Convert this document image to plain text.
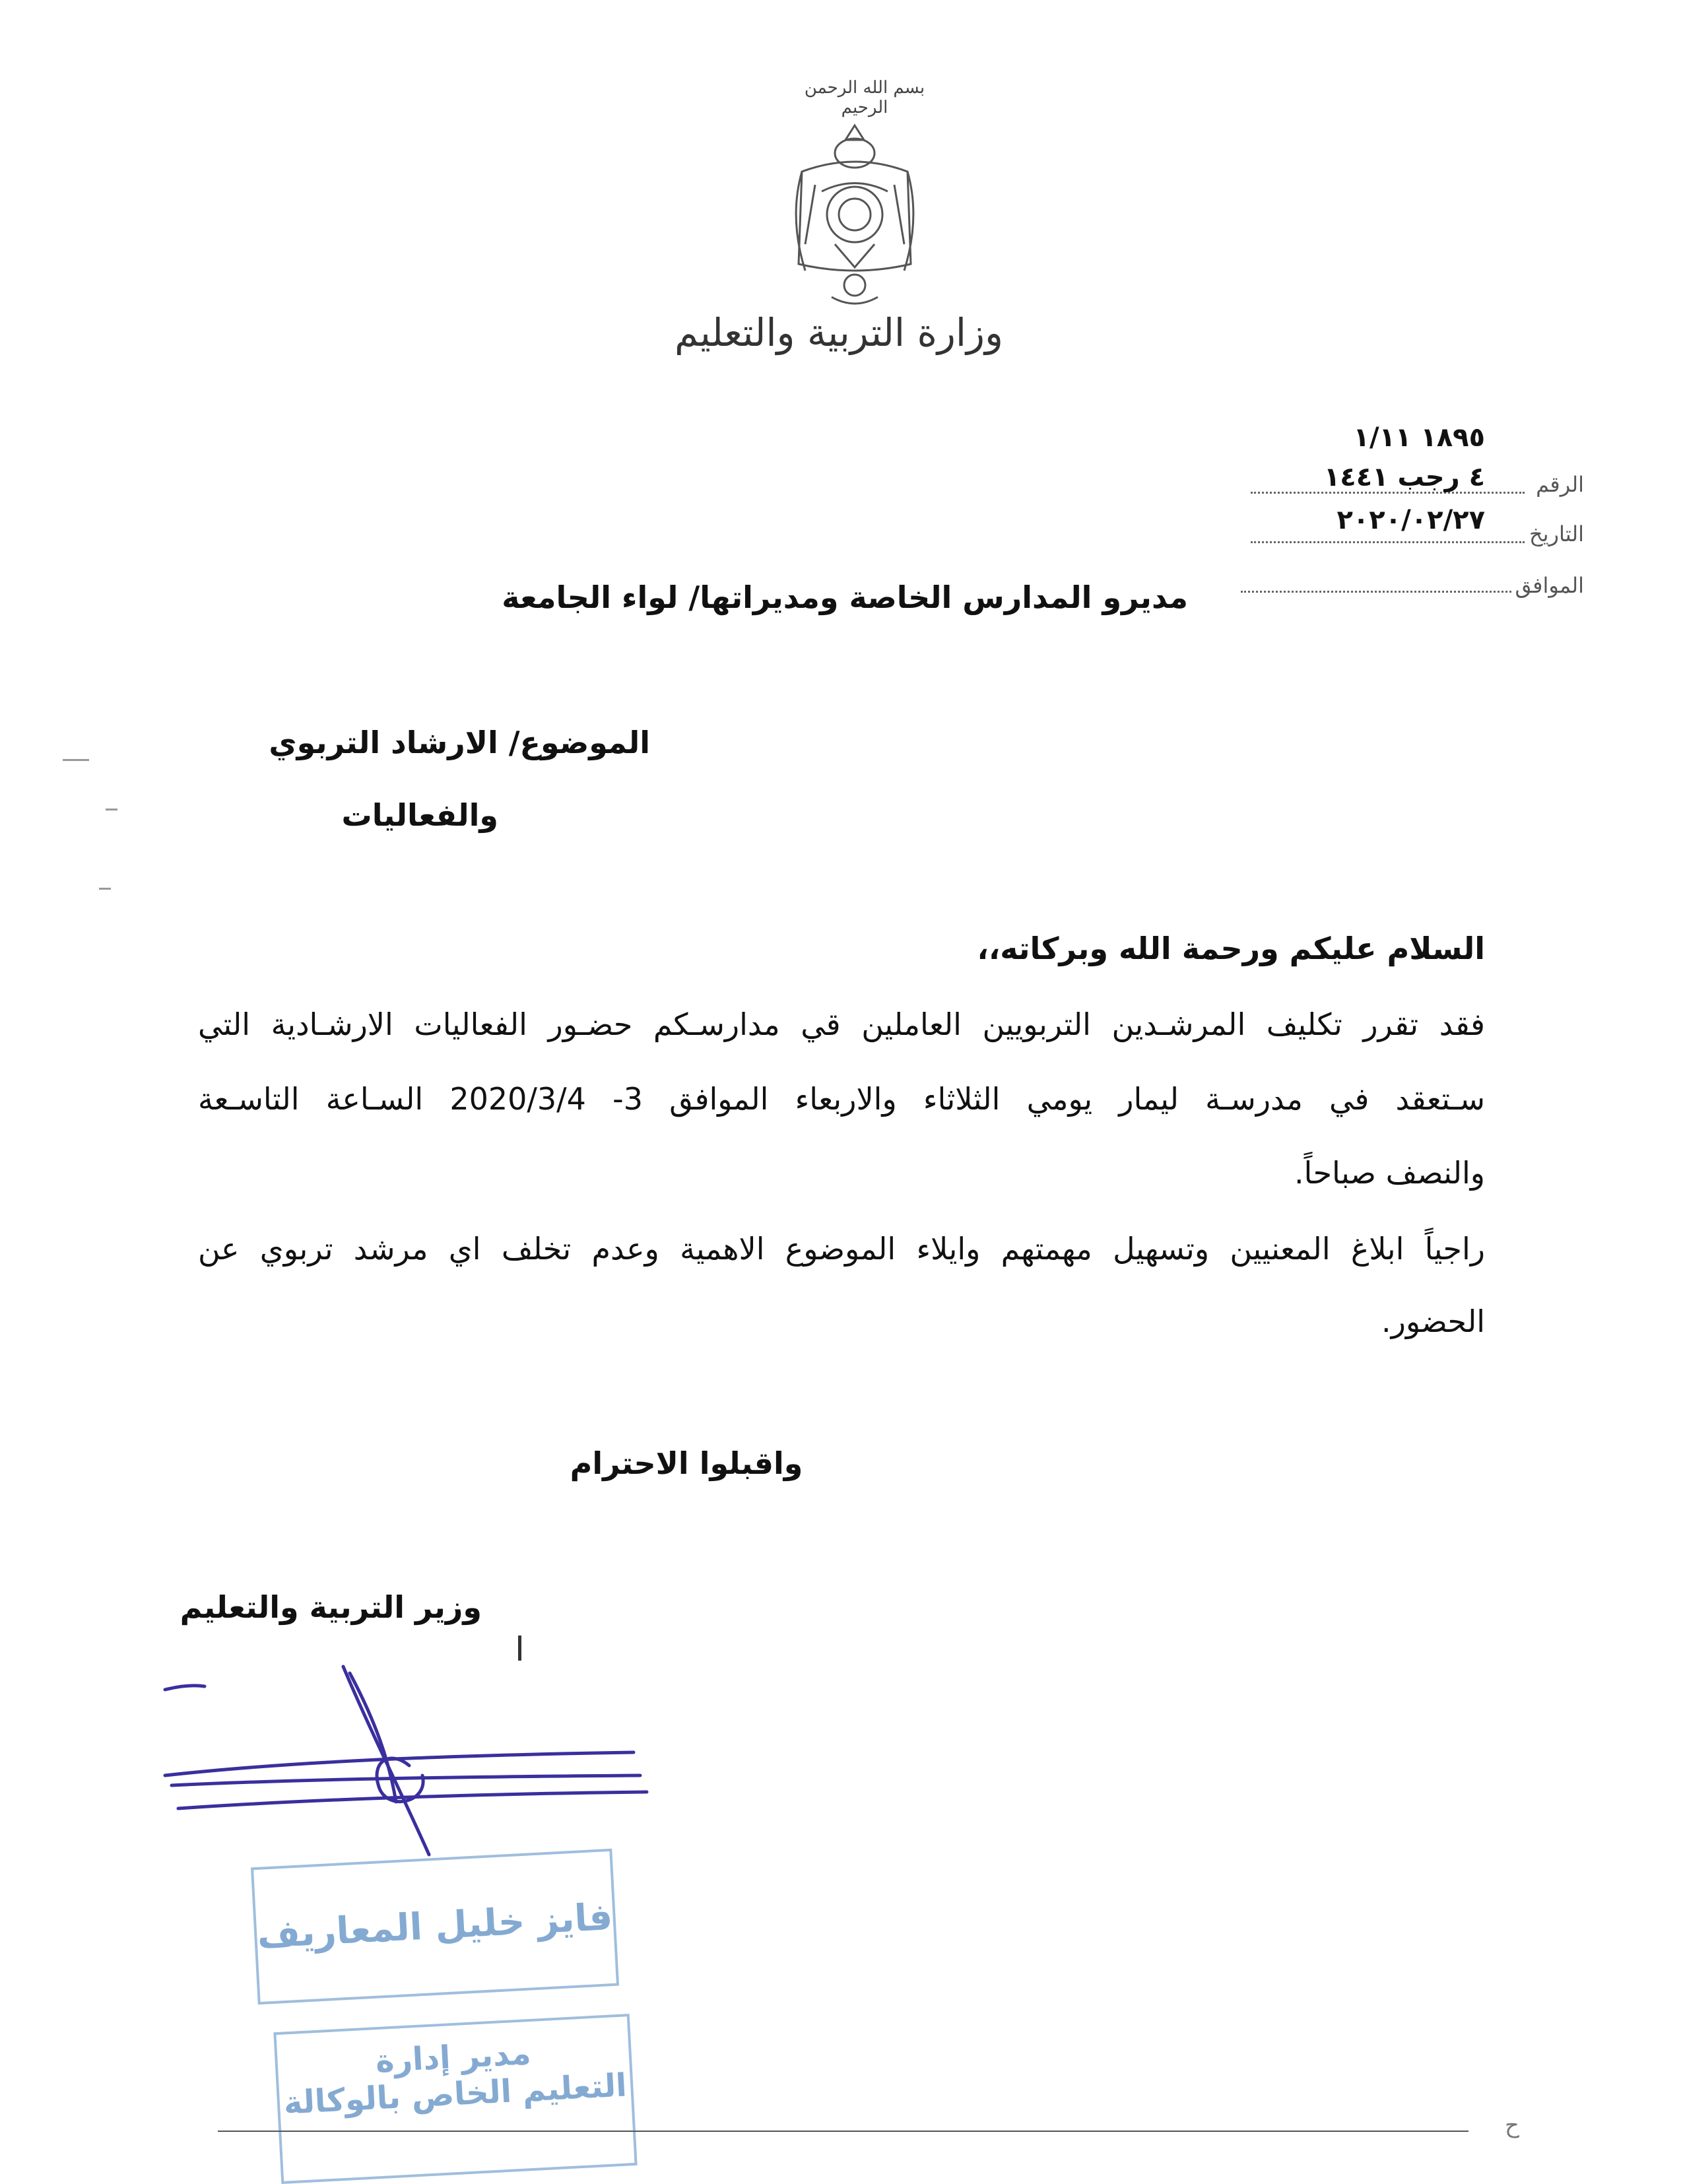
بسم الله الرحمن الرحيم
وزارة التربية والتعليم
١٨٩٥ ١/١١
الرقم
٤ رجب ١٤٤١
التاريخ
٢٠٢٠/٠٢/٢٧
الموافق
مديرو المدارس الخاصة ومديراتها/ لواء الجامعة
الموضوع/ الارشاد التربوي
والفعاليات
السلام عليكم ورحمة الله وبركاته،،
فقد تقرر تكليف المرشـدين التربويين العاملين قي مدارسـكم حضـور الفعاليات الارشـادية التي
سـتعقد في مدرسـة ليمار يومي الثلاثاء والاربعاء الموافق 3- 2020/3/4 السـاعة التاسـعة
والنصف صباحاً.
راجياً ابلاغ المعنيين وتسهيل مهمتهم وايلاء الموضوع الاهمية وعدم تخلف اي مرشد تربوي عن
الحضور.
واقبلوا الاحترام
وزير التربية والتعليم
فايز خليل المعاريف
مدير إدارة
التعليم الخاص بالوكالة
ح
